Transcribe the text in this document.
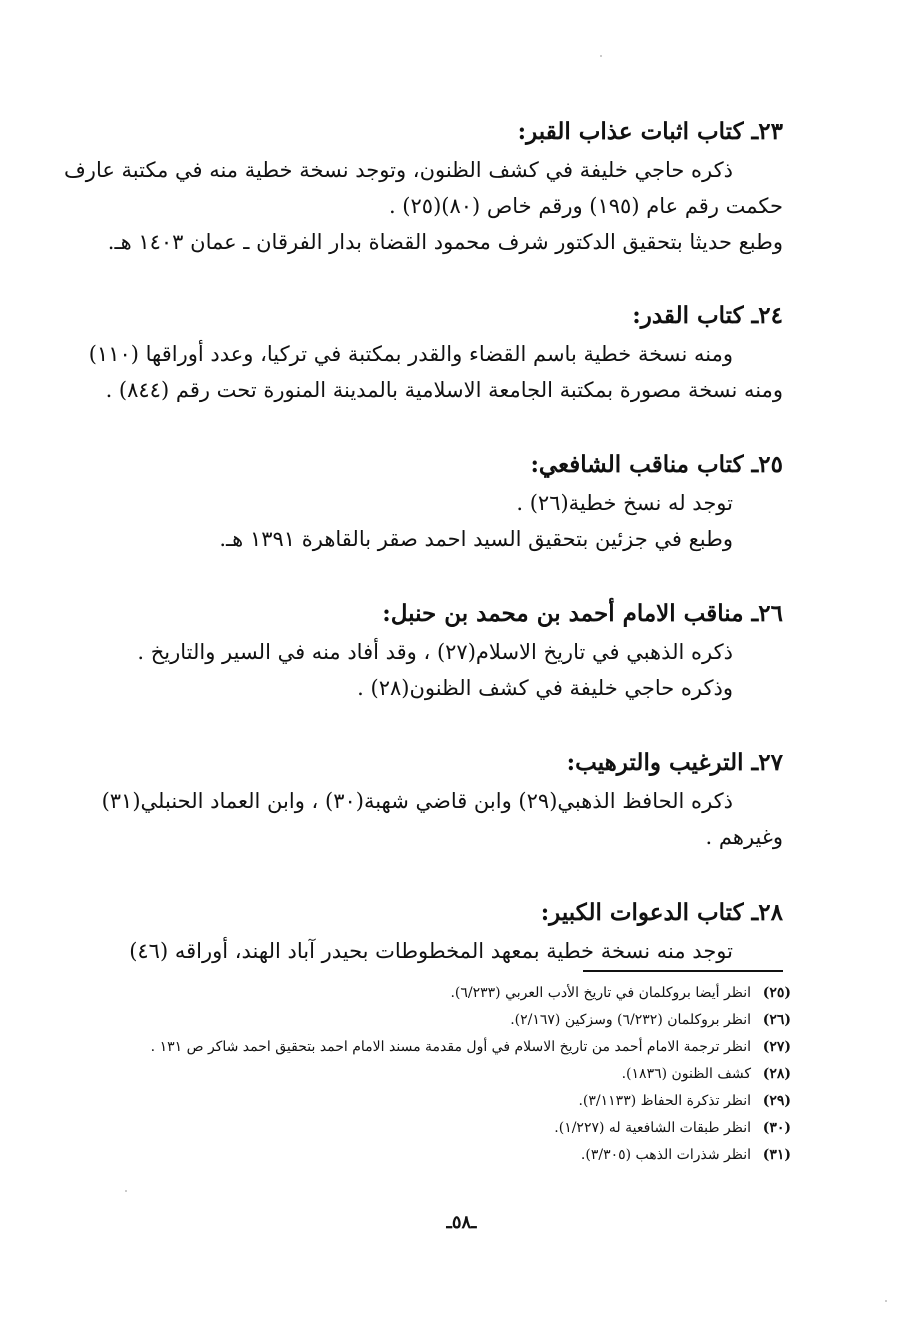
٢٣ـ كتاب اثبات عذاب القبر:
ذكره حاجي خليفة في كشف الظنون، وتوجد نسخة خطية منه في مكتبة عارف
حكمت رقم عام (١٩٥) ورقم خاص (٨٠)(٢٥) .
وطبع حديثا بتحقيق الدكتور شرف محمود القضاة بدار الفرقان ـ عمان ١٤٠٣ هـ.
٢٤ـ كتاب القدر:
ومنه نسخة خطية باسم القضاء والقدر بمكتبة في تركيا، وعدد أوراقها (١١٠)
ومنه نسخة مصورة بمكتبة الجامعة الاسلامية بالمدينة المنورة تحت رقم (٨٤٤) .
٢٥ـ كتاب مناقب الشافعي:
توجد له نسخ خطية(٢٦) .
وطبع في جزئين بتحقيق السيد احمد صقر بالقاهرة ١٣٩١ هـ.
٢٦ـ مناقب الامام أحمد بن محمد بن حنبل:
ذكره الذهبي في تاريخ الاسلام(٢٧) ، وقد أفاد منه في السير والتاريخ .
وذكره حاجي خليفة في كشف الظنون(٢٨) .
٢٧ـ الترغيب والترهيب:
ذكره الحافظ الذهبي(٢٩) وابن قاضي شهبة(٣٠) ، وابن العماد الحنبلي(٣١)
وغيرهم .
٢٨ـ كتاب الدعوات الكبير:
توجد منه نسخة خطية بمعهد المخطوطات بحيدر آباد الهند، أوراقه (٤٦)
(٢٥)انظر أيضا بروكلمان في تاريخ الأدب العربي (٦/٢٣٣).
(٢٦)انظر بروكلمان (٦/٢٣٢) وسزكين (٢/١٦٧).
(٢٧)انظر ترجمة الامام أحمد من تاريخ الاسلام في أول مقدمة مسند الامام احمد بتحقيق احمد شاكر ص ١٣١ .
(٢٨)كشف الظنون (١٨٣٦).
(٢٩)انظر تذكرة الحفاظ (٣/١١٣٣).
(٣٠)انظر طبقات الشافعية له (١/٢٢٧).
(٣١)انظر شذرات الذهب (٣/٣٠٥).
ـ٥٨ـ
